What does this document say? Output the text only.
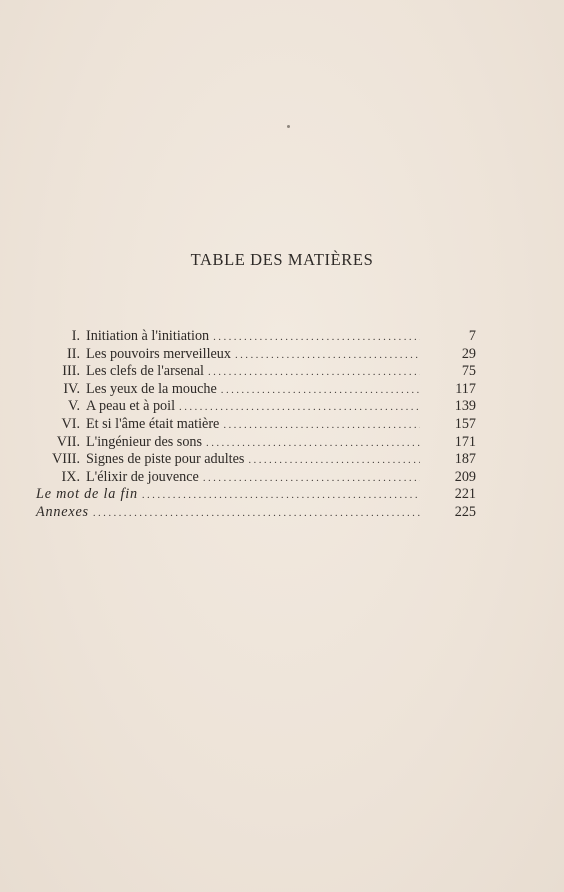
TABLE DES MATIÈRES
I. Initiation à l'initiation .....	7
II. Les pouvoirs merveilleux .....	29
III. Les clefs de l'arsenal .....	75
IV. Les yeux de la mouche .....	117
V. A peau et à poil .....	139
VI. Et si l'âme était matière .....	157
VII. L'ingénieur des sons .....	171
VIII. Signes de piste pour adultes .....	187
IX. L'élixir de jouvence .....	209
Le mot de la fin .....	221
Annexes .....	225
